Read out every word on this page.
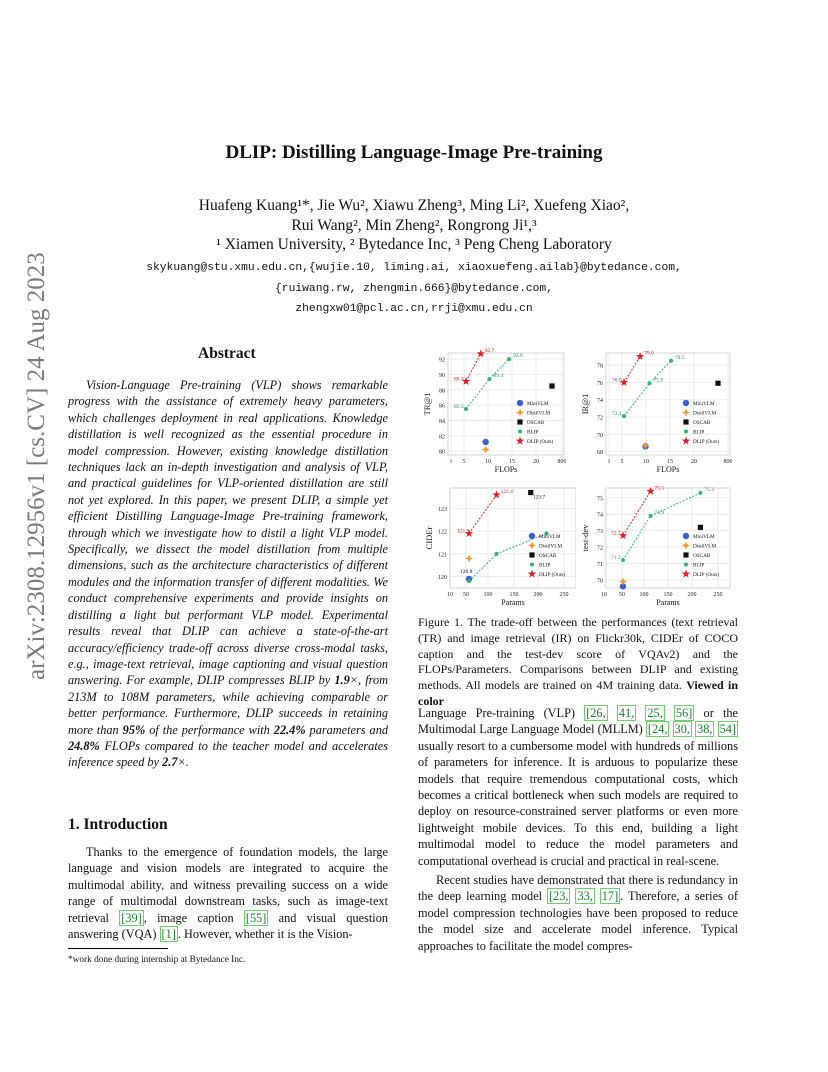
arXiv:2308.12956v1 [cs.CV] 24 Aug 2023
DLIP: Distilling Language-Image Pre-training
Huafeng Kuang¹*, Jie Wu², Xiawu Zheng³, Ming Li², Xuefeng Xiao²,
Rui Wang², Min Zheng², Rongrong Ji¹,³
¹ Xiamen University, ² Bytedance Inc, ³ Peng Cheng Laboratory
skykuang@stu.xmu.edu.cn,{wujie.10, liming.ai, xiaoxuefeng.ailab}@bytedance.com,
{ruiwang.rw, zhengmin.666}@bytedance.com,
zhengxw01@pcl.ac.cn,rrji@xmu.edu.cn
Abstract

Vision-Language Pre-training (VLP) shows remarkable progress with the assistance of extremely heavy parameters, which challenges deployment in real applications. Knowledge distillation is well recognized as the essential procedure in model compression. However, existing knowledge distillation techniques lack an in-depth investigation and analysis of VLP, and practical guidelines for VLP-oriented distillation are still not yet explored. In this paper, we present DLIP, a simple yet efficient Distilling Language-Image Pre-training framework, through which we investigate how to distil a light VLP model. Specifically, we dissect the model distillation from multiple dimensions, such as the architecture characteristics of different modules and the information transfer of different modalities. We conduct comprehensive experiments and provide insights on distilling a light but performant VLP model. Experimental results reveal that DLIP can achieve a state-of-the-art accuracy/efficiency trade-off across diverse cross-modal tasks, e.g., image-text retrieval, image captioning and visual question answering. For example, DLIP compresses BLIP by 1.9×, from 213M to 108M parameters, while achieving comparable or better performance. Furthermore, DLIP succeeds in retaining more than 95% of the performance with 22.4% parameters and 24.8% FLOPs compared to the teacher model and accelerates inference speed by 2.7×.

1. Introduction

Thanks to the emergence of foundation models, the large language and vision models are integrated to acquire the multimodal ability, and witness prevailing success on a wide range of multimodal downstream tasks, such as image-text retrieval [39] , image caption [55] and visual question answering (VQA) [1] . However, whether it is the Vision-

*work done during internship at Bytedance Inc.
80
82
84
86
88
90
92
1 5	10	15	20	800
FLOPs
TR@1	85.5
89.4
92.0
89.1
92.7
MiniVLM
DistilVLM
OSCAR
BLIP
DLIP (Ours)
68
70
72
74
76
78
1 5	10	15	20	800
FLOPs
IR@1	72.1
75.9
78.5
76.0
79.0
MiniVLM
DistilVLM
OSCAR
BLIP
DLIP (Ours)
120
121
122
123
10 50 100	150	200	250
Params
CIDEr	121.9
122.4
120.8
123.7
MiniVLM
DistilVLM
OSCAR
BLIP
DLIP (Ours)
70
71
72
73
74
75
10 50 100	150	200	250
Params
test-dev
71.2
74.9
75.3
72.7
75.5
MiniVLM
DistilVLM
OSCAR
BLIP
DLIP (Ours)
Figure 1. The trade-off between the performances (text retrieval (TR) and image retrieval (IR) on Flickr30k, CIDEr of COCO caption and the test-dev score of VQAv2) and the FLOPs/Parameters. Comparisons between DLIP and existing methods. All models are trained on 4M training data. Viewed in color

Language Pre-training (VLP) [26, 41, 25, 56] or the Multimodal Large Language Model (MLLM) [24, 30, 38, 54] usually resort to a cumbersome model with hundreds of millions of parameters for inference. It is arduous to popularize these models that require tremendous computational costs, which becomes a critical bottleneck when such models are required to deploy on resource-constrained server platforms or even more lightweight mobile devices. To this end, building a light multimodal model to reduce the model parameters and computational overhead is crucial and practical in real-scene.

Recent studies have demonstrated that there is redundancy in the deep learning model [23, 33, 17] . Therefore, a series of model compression technologies have been proposed to reduce the model size and accelerate model inference. Typical approaches to facilitate the model compres-
